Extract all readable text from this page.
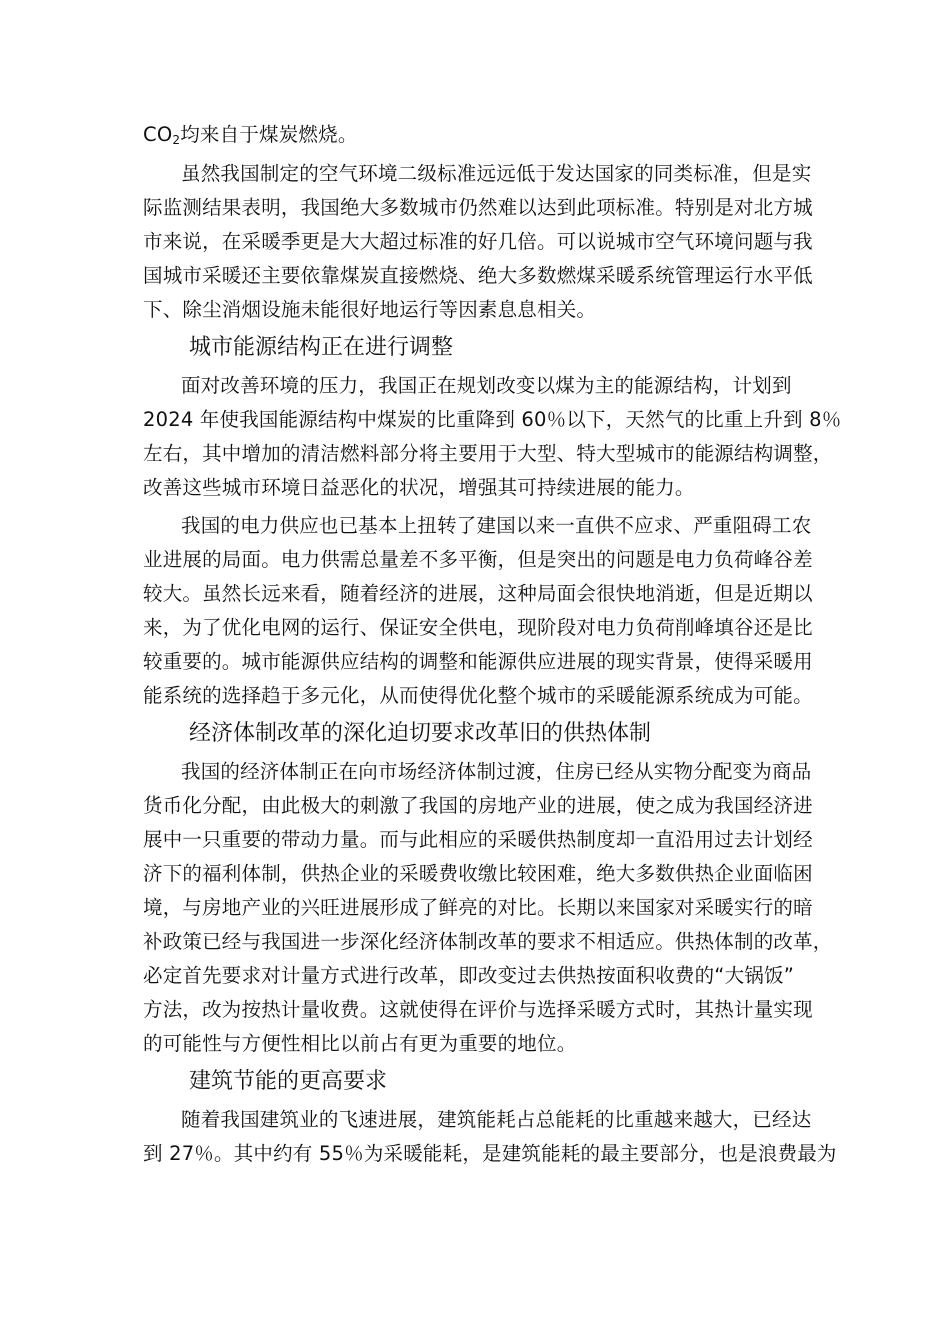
$CO_2$均来自于煤炭燃烧。
虽然我国制定的空气环境二级标准远远低于发达国家的同类标准，但是实
际监测结果表明，我国绝大多数城市仍然难以达到此项标准。特别是对北方城
市来说，在采暖季更是大大超过标准的好几倍。可以说城市空气环境问题与我
国城市采暖还主要依靠煤炭直接燃烧、绝大多数燃煤采暖系统管理运行水平低
下、除尘消烟设施未能很好地运行等因素息息相关。
城市能源结构正在进行调整
面对改善环境的压力，我国正在规划改变以煤为主的能源结构，计划到
2024 年使我国能源结构中煤炭的比重降到 60％以下，天然气的比重上升到 8％
左右，其中增加的清洁燃料部分将主要用于大型、特大型城市的能源结构调整，
改善这些城市环境日益恶化的状况，增强其可持续进展的能力。
我国的电力供应也已基本上扭转了建国以来一直供不应求、严重阻碍工农
业进展的局面。电力供需总量差不多平衡，但是突出的问题是电力负荷峰谷差
较大。虽然长远来看，随着经济的进展，这种局面会很快地消逝，但是近期以
来，为了优化电网的运行、保证安全供电，现阶段对电力负荷削峰填谷还是比
较重要的。城市能源供应结构的调整和能源供应进展的现实背景，使得采暖用
能系统的选择趋于多元化，从而使得优化整个城市的采暖能源系统成为可能。
经济体制改革的深化迫切要求改革旧的供热体制
我国的经济体制正在向市场经济体制过渡，住房已经从实物分配变为商品
货币化分配，由此极大的刺激了我国的房地产业的进展，使之成为我国经济进
展中一只重要的带动力量。而与此相应的采暖供热制度却一直沿用过去计划经
济下的福利体制，供热企业的采暖费收缴比较困难，绝大多数供热企业面临困
境，与房地产业的兴旺进展形成了鲜亮的对比。长期以来国家对采暖实行的暗
补政策已经与我国进一步深化经济体制改革的要求不相适应。供热体制的改革，
必定首先要求对计量方式进行改革，即改变过去供热按面积收费的“大锅饭”
方法，改为按热计量收费。这就使得在评价与选择采暖方式时，其热计量实现
的可能性与方便性相比以前占有更为重要的地位。
建筑节能的更高要求
随着我国建筑业的飞速进展，建筑能耗占总能耗的比重越来越大，已经达
到 27％。其中约有 55％为采暖能耗，是建筑能耗的最主要部分，也是浪费最为
